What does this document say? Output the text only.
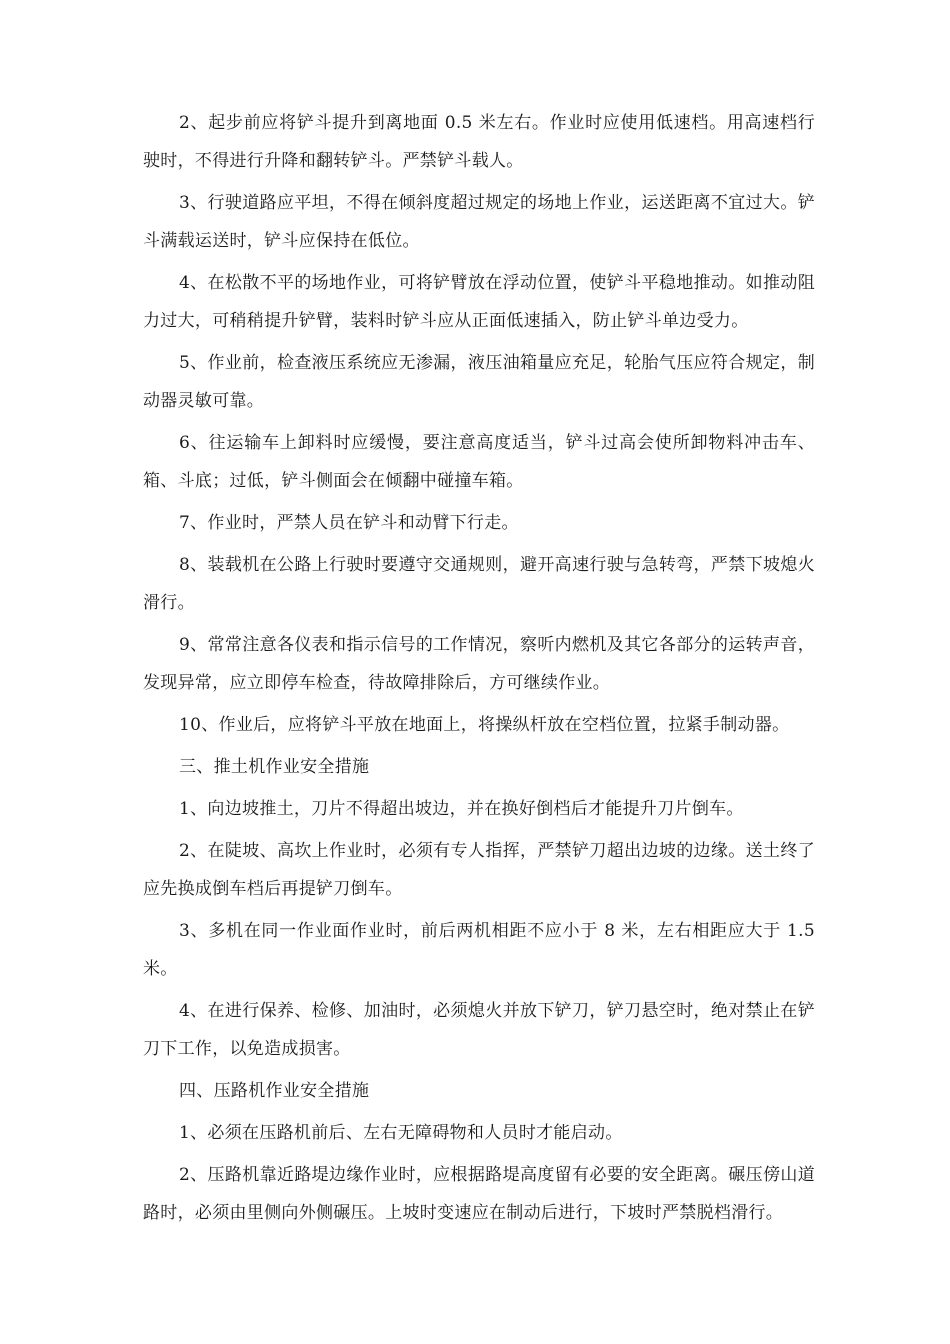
2、起步前应将铲斗提升到离地面 0.5 米左右。作业时应使用低速档。用高速档行驶时，不得进行升降和翻转铲斗。严禁铲斗载人。

3、行驶道路应平坦，不得在倾斜度超过规定的场地上作业，运送距离不宜过大。铲斗满载运送时，铲斗应保持在低位。

4、在松散不平的场地作业，可将铲臂放在浮动位置，使铲斗平稳地推动。如推动阻力过大，可稍稍提升铲臂，装料时铲斗应从正面低速插入，防止铲斗单边受力。

5、作业前，检查液压系统应无渗漏，液压油箱量应充足，轮胎气压应符合规定，制动器灵敏可靠。

6、往运输车上卸料时应缓慢，要注意高度适当，铲斗过高会使所卸物料冲击车、箱、斗底；过低，铲斗侧面会在倾翻中碰撞车箱。

7、作业时，严禁人员在铲斗和动臂下行走。

8、装载机在公路上行驶时要遵守交通规则，避开高速行驶与急转弯，严禁下坡熄火滑行。

9、常常注意各仪表和指示信号的工作情况，察听内燃机及其它各部分的运转声音，发现异常，应立即停车检查，待故障排除后，方可继续作业。

10、作业后，应将铲斗平放在地面上，将操纵杆放在空档位置，拉紧手制动器。

三、推土机作业安全措施

1、向边坡推土，刀片不得超出坡边，并在换好倒档后才能提升刀片倒车。

2、在陡坡、高坎上作业时，必须有专人指挥，严禁铲刀超出边坡的边缘。送土终了应先换成倒车档后再提铲刀倒车。

3、多机在同一作业面作业时，前后两机相距不应小于 8 米，左右相距应大于 1.5 米。

4、在进行保养、检修、加油时，必须熄火并放下铲刀，铲刀悬空时，绝对禁止在铲刀下工作，以免造成损害。

四、压路机作业安全措施

1、必须在压路机前后、左右无障碍物和人员时才能启动。

2、压路机靠近路堤边缘作业时，应根据路堤高度留有必要的安全距离。碾压傍山道路时，必须由里侧向外侧碾压。上坡时变速应在制动后进行，下坡时严禁脱档滑行。
